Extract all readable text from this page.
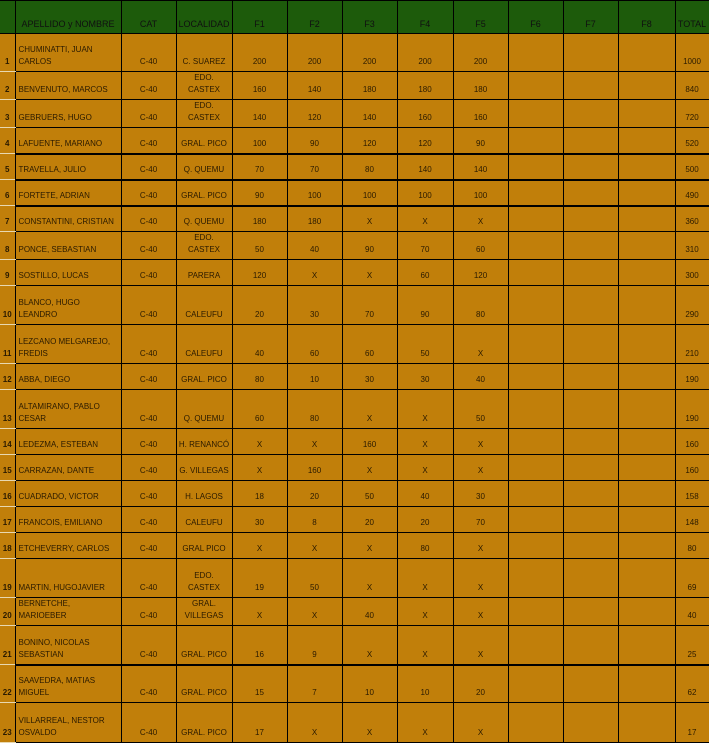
	APELLIDO y NOMBRE	CAT	LOCALIDAD	F1	F2	F3	F4	F5	F6	F7	F8	TOTAL
1	CHUMINATTI, JUAN CARLOS	C-40	C. SUAREZ	200	200	200	200	200				1000
2	BENVENUTO, MARCOS	C-40	EDO. CASTEX	160	140	180	180	180				840
3	GEBRUERS, HUGO	C-40	EDO. CASTEX	140	120	140	160	160				720
4	LAFUENTE, MARIANO	C-40	GRAL. PICO	100	90	120	120	90				520
5	TRAVELLA, JULIO	C-40	Q. QUEMU	70	70	80	140	140				500
6	FORTETE, ADRIAN	C-40	GRAL. PICO	90	100	100	100	100				490
7	CONSTANTINI, CRISTIAN	C-40	Q. QUEMU	180	180	X	X	X				360
8	PONCE, SEBASTIAN	C-40	EDO. CASTEX	50	40	90	70	60				310
9	SOSTILLO, LUCAS	C-40	PARERA	120	X	X	60	120				300
10	BLANCO, HUGO LEANDRO	C-40	CALEUFU	20	30	70	90	80				290
11	LEZCANO MELGAREJO, FREDIS	C-40	CALEUFU	40	60	60	50	X				210
12	ABBA, DIEGO	C-40	GRAL. PICO	80	10	30	30	40				190
13	ALTAMIRANO, PABLO CESAR	C-40	Q. QUEMU	60	80	X	X	50				190
14	LEDEZMA, ESTEBAN	C-40	H. RENANCÓ	X	X	160	X	X				160
15	CARRAZAN, DANTE	C-40	G. VILLEGAS	X	160	X	X	X				160
16	CUADRADO, VICTOR	C-40	H. LAGOS	18	20	50	40	30				158
17	FRANCOIS, EMILIANO	C-40	CALEUFU	30	8	20	20	70				148
18	ETCHEVERRY, CARLOS	C-40	GRAL PICO	X	X	X	80	X				80
19	MARTIN, HUGOJAVIER	C-40	EDO. CASTEX	19	50	X	X	X				69
20	BERNETCHE, MARIOEBER	C-40	GRAL. VILLEGAS	X	X	40	X	X				40
21	BONINO, NICOLAS SEBASTIAN	C-40	GRAL. PICO	16	9	X	X	X				25
22	SAAVEDRA, MATIAS MIGUEL	C-40	GRAL. PICO	15	7	10	10	20				62
23	VILLARREAL, NESTOR OSVALDO	C-40	GRAL. PICO	17	X	X	X	X				17
